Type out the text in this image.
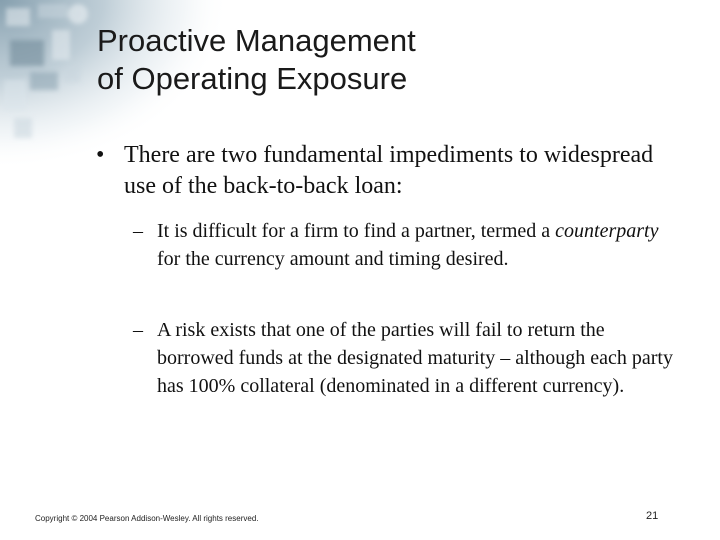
Proactive Management
of Operating Exposure
• There are two fundamental impediments to widespread use of the back-to-back loan:
– It is difficult for a firm to find a partner, termed a counterparty for the currency amount and timing desired.
– A risk exists that one of the parties will fail to return the borrowed funds at the designated maturity – although each party has 100% collateral (denominated in a different currency).
Copyright © 2004 Pearson Addison-Wesley. All rights reserved.	21
